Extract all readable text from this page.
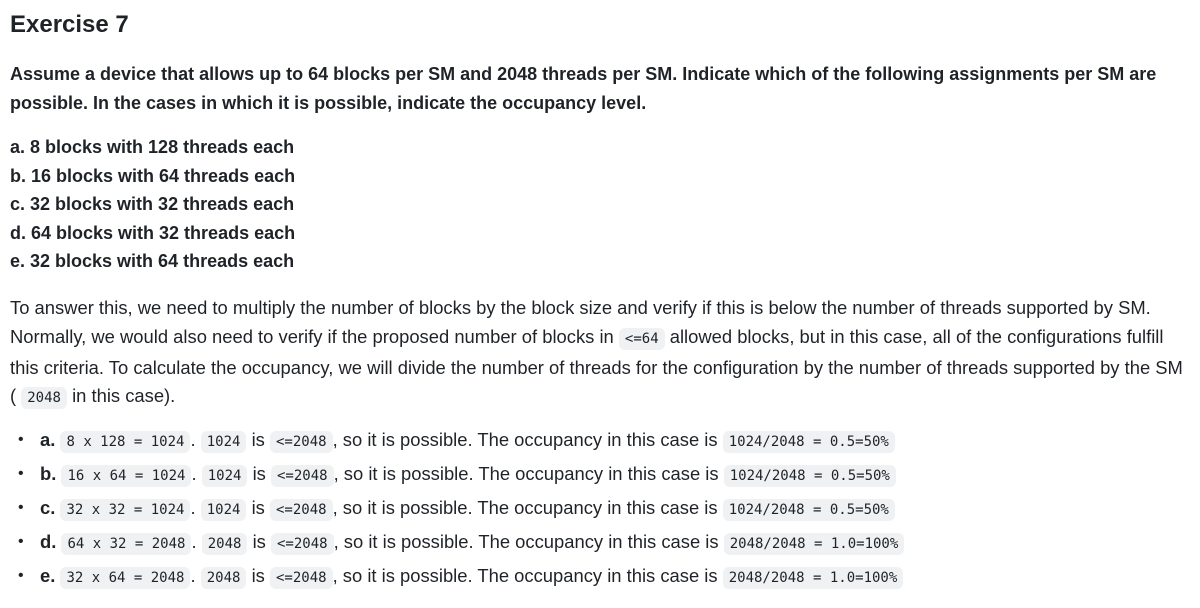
Exercise 7

Assume a device that allows up to 64 blocks per SM and 2048 threads per SM. Indicate which of the following assignments per SM are possible. In the cases in which it is possible, indicate the occupancy level.

a. 8 blocks with 128 threads each
b. 16 blocks with 64 threads each
c. 32 blocks with 32 threads each
d. 64 blocks with 32 threads each
e. 32 blocks with 64 threads each

To answer this, we need to multiply the number of blocks by the block size and verify if this is below the number of threads supported by SM. Normally, we would also need to verify if the proposed number of blocks in <=64 allowed blocks, but in this case, all of the configurations fulfill this criteria. To calculate the occupancy, we will divide the number of threads for the configuration by the number of threads supported by the SM ( 2048 in this case).

• a. 8 x 128 = 1024 . 1024 is <=2048 , so it is possible. The occupancy in this case is 1024/2048 = 0.5=50%
• b. 16 x 64 = 1024 . 1024 is <=2048 , so it is possible. The occupancy in this case is 1024/2048 = 0.5=50%
• c. 32 x 32 = 1024 . 1024 is <=2048 , so it is possible. The occupancy in this case is 1024/2048 = 0.5=50%
• d. 64 x 32 = 2048 . 2048 is <=2048 , so it is possible. The occupancy in this case is 2048/2048 = 1.0=100%
• e. 32 x 64 = 2048 . 2048 is <=2048 , so it is possible. The occupancy in this case is 2048/2048 = 1.0=100%
